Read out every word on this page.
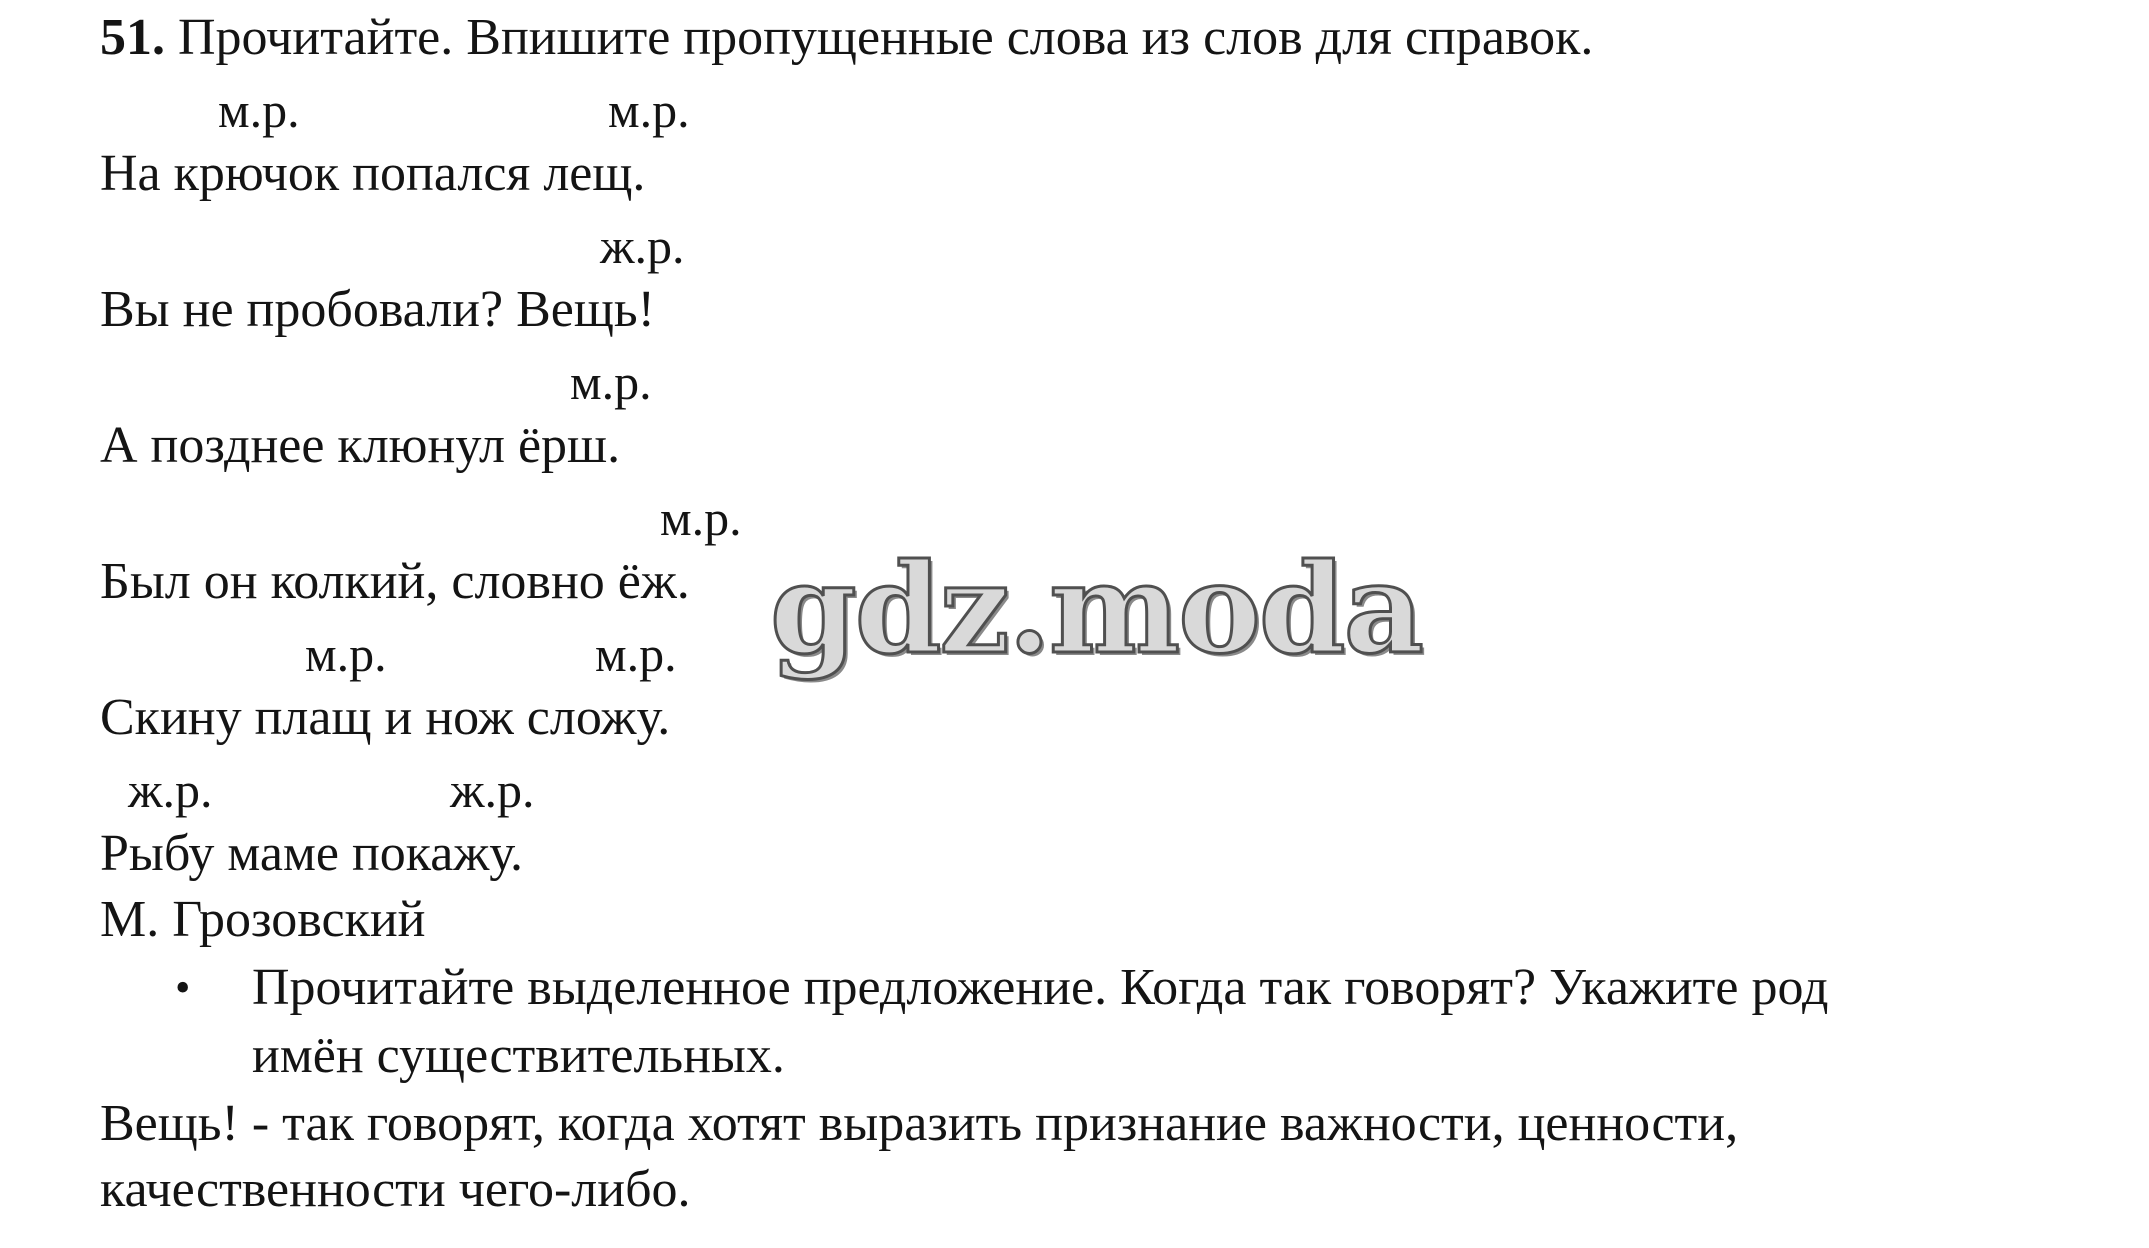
51. Прочитайте. Впишите пропущенные слова из слов для справок.
м.р.	м.р.
На крючок попался лещ.
ж.р.
Вы не пробовали? Вещь!
м.р.
А позднее клюнул ёрш.
м.р.
Был он колкий, словно ёж.
м.р.	м.р.
Скину плащ и нож сложу.
ж.р.	ж.р.
Рыбу маме покажу.
М. Грозовский
• Прочитайте выделенное предложение. Когда так говорят? Укажите род
имён существительных.
Вещь! - так говорят, когда хотят выразить признание важности, ценности,
качественности чего-либо.
gdz.moda
